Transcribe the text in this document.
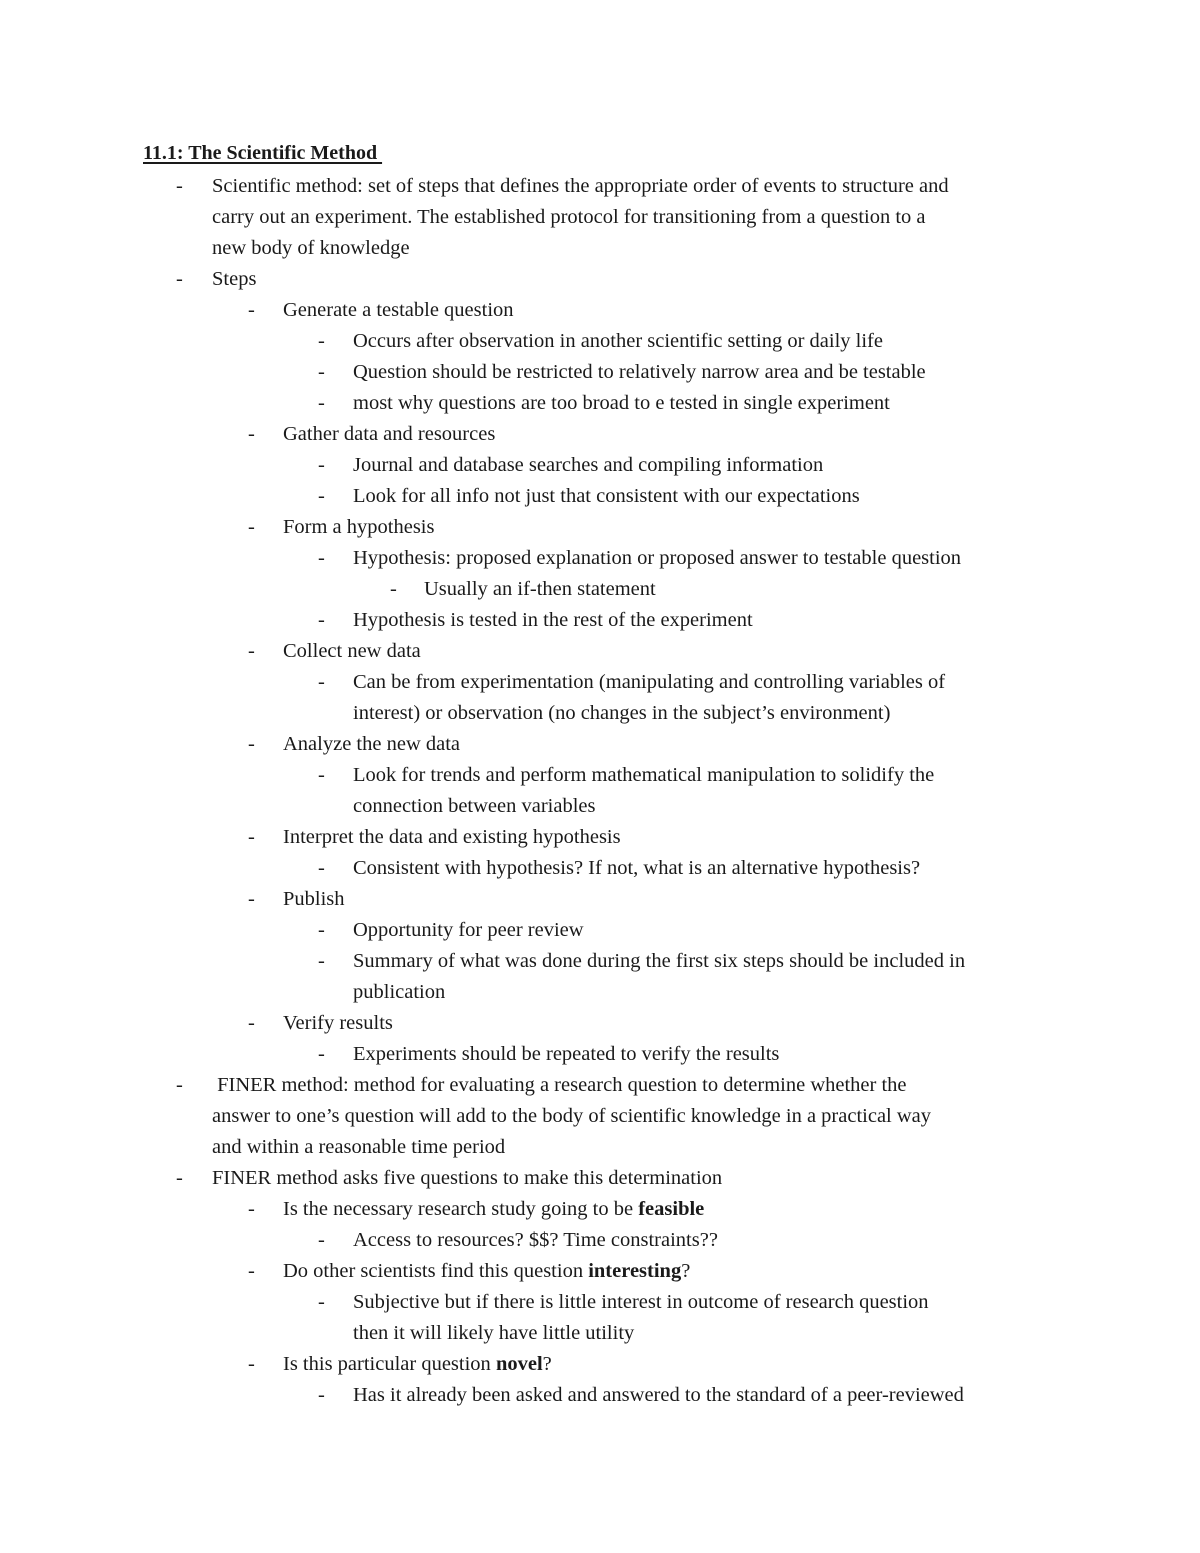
11.1: The Scientific Method
- Scientific method: set of steps that defines the appropriate order of events to structure and
carry out an experiment. The established protocol for transitioning from a question to a
new body of knowledge
- Steps
- Generate a testable question
- Occurs after observation in another scientific setting or daily life
- Question should be restricted to relatively narrow area and be testable
- most why questions are too broad to e tested in single experiment
- Gather data and resources
- Journal and database searches and compiling information
- Look for all info not just that consistent with our expectations
- Form a hypothesis
- Hypothesis: proposed explanation or proposed answer to testable question
- Usually an if-then statement
- Hypothesis is tested in the rest of the experiment
- Collect new data
- Can be from experimentation (manipulating and controlling variables of
interest) or observation (no changes in the subject’s environment)
- Analyze the new data
- Look for trends and perform mathematical manipulation to solidify the
connection between variables
- Interpret the data and existing hypothesis
- Consistent with hypothesis? If not, what is an alternative hypothesis?
- Publish
- Opportunity for peer review
- Summary of what was done during the first six steps should be included in
publication
- Verify results
- Experiments should be repeated to verify the results
- FINER method: method for evaluating a research question to determine whether the
answer to one’s question will add to the body of scientific knowledge in a practical way
and within a reasonable time period
- FINER method asks five questions to make this determination
- Is the necessary research study going to be feasible
- Access to resources? $$? Time constraints??
- Do other scientists find this question interesting?
- Subjective but if there is little interest in outcome of research question
then it will likely have little utility
- Is this particular question novel?
- Has it already been asked and answered to the standard of a peer-reviewed
